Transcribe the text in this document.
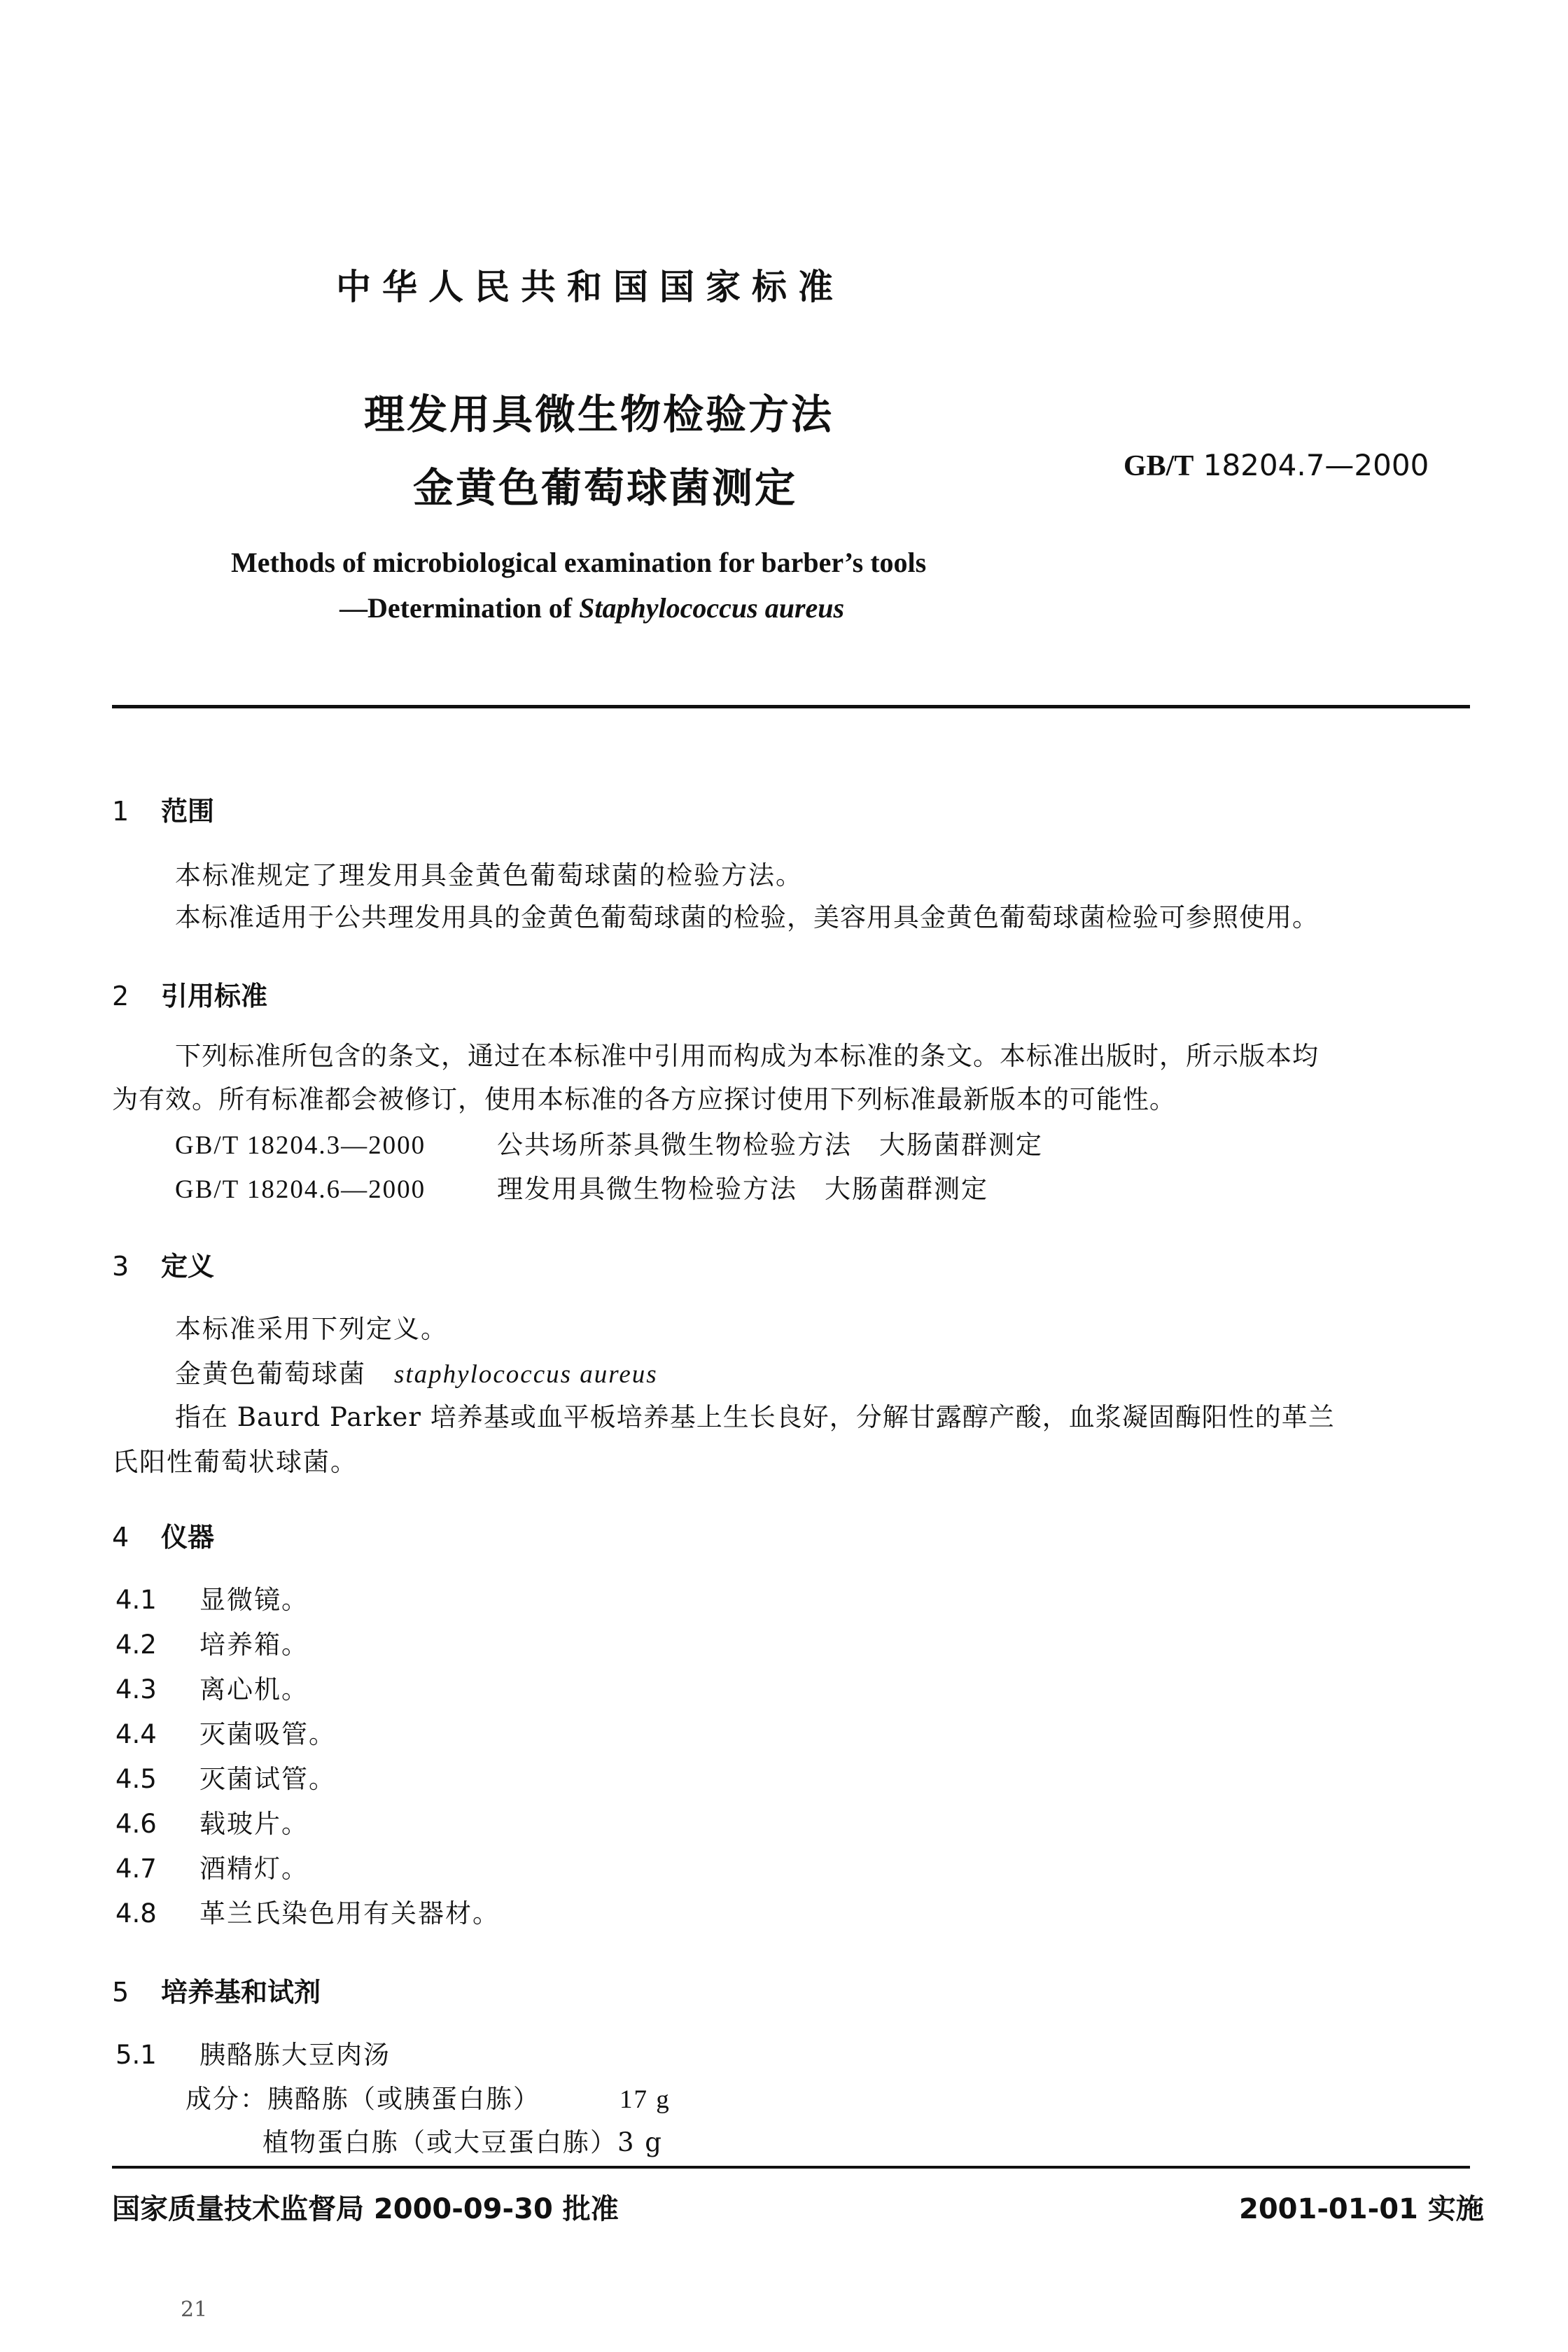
中华人民共和国国家标准
理发用具微生物检验方法
金黄色葡萄球菌测定	GB/T 18204.7—2000
Methods of microbiological examination for barber’s tools
—Determination of Staphylococcus aureus
1 范围
本标准规定了理发用具金黄色葡萄球菌的检验方法。
本标准适用于公共理发用具的金黄色葡萄球菌的检验，美容用具金黄色葡萄球菌检验可参照使用。
2 引用标准
下列标准所包含的条文，通过在本标准中引用而构成为本标准的条文。本标准出版时，所示版本均
为有效。所有标准都会被修订，使用本标准的各方应探讨使用下列标准最新版本的可能性。
GB/T 18204.3—2000	公共场所茶具微生物检验方法　大肠菌群测定
GB/T 18204.6—2000	理发用具微生物检验方法　大肠菌群测定
3 定义
本标准采用下列定义。
金黄色葡萄球菌 staphylococcus aureus
指在 Baurd Parker 培养基或血平板培养基上生长良好，分解甘露醇产酸，血浆凝固酶阳性的革兰
氏阳性葡萄状球菌。
4 仪器
4.1 显微镜。
4.2 培养箱。
4.3 离心机。
4.4 灭菌吸管。
4.5 灭菌试管。
4.6 载玻片。
4.7 酒精灯。
4.8 革兰氏染色用有关器材。
5 培养基和试剂
5.1 胰酪胨大豆肉汤
成分：胰酪胨（或胰蛋白胨）	17 g
植物蛋白胨（或大豆蛋白胨）3 g
国家质量技术监督局 2000-09-30 批准	2001-01-01 实施
21
